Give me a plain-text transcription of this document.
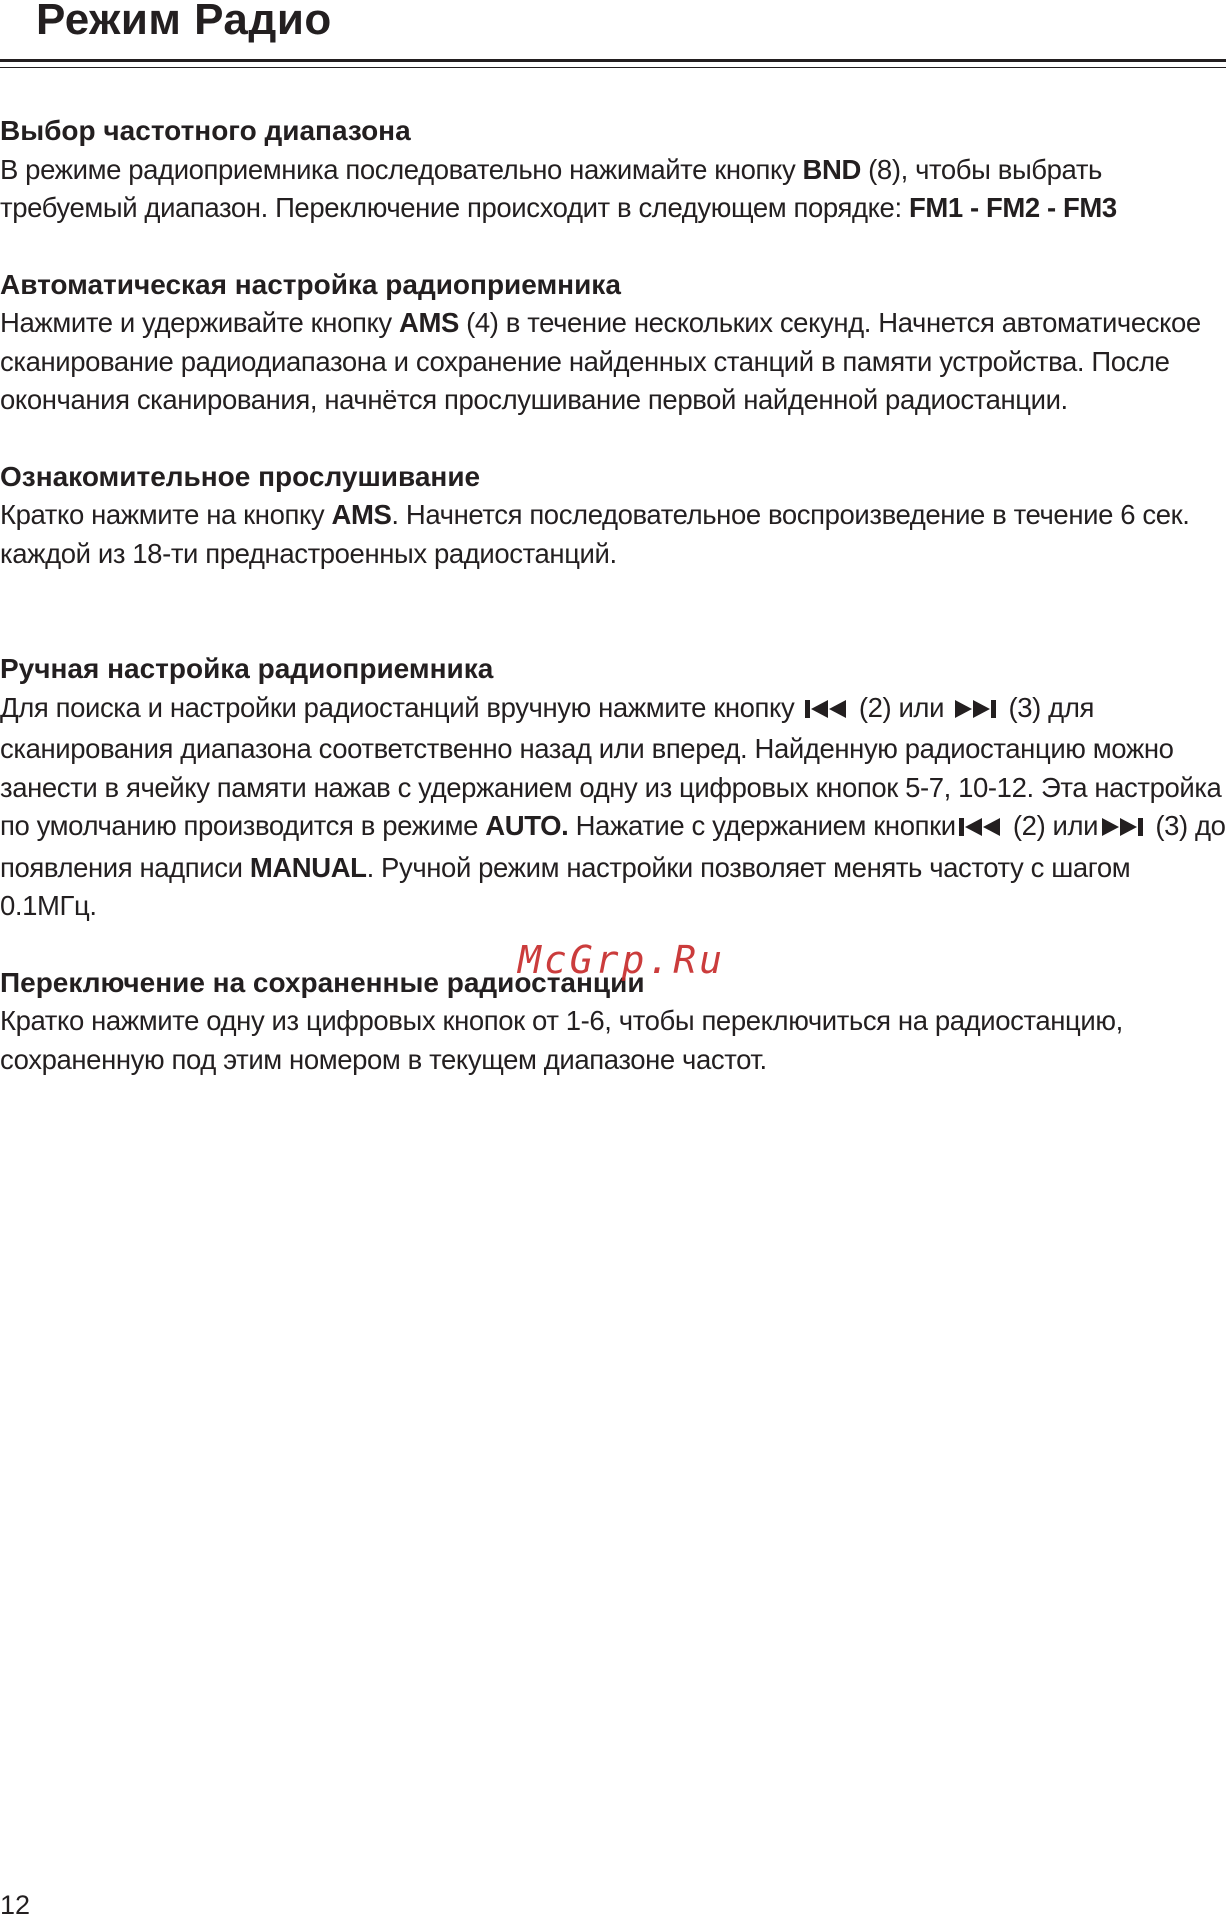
Режим Радио
Выбор частотного диапазона

В режиме радиоприемника последовательно нажимайте кнопку BND (8), чтобы выбрать требуемый диапазон. Переключение происходит в следующем порядке: FM1 - FM2 - FM3

Автоматическая настройка радиоприемника

Нажмите и удерживайте кнопку AMS (4) в течение нескольких секунд. Начнется автоматическое сканирование радиодиапазона и сохранение найденных станций в памяти устройства. После окончания сканирования, начнётся прослушивание первой найденной радиостанции.

Ознакомительное прослушивание

Кратко нажмите на кнопку AMS. Начнется последовательное воспроизведение в течение 6 сек. каждой из 18-ти преднастроенных радиостанций.

Ручная настройка радиоприемника

Для поиска и настройки радиостанций вручную нажмите кнопку  (2) или  (3) для сканирования диапазона соответственно назад или вперед. Найденную радиостанцию можно занести в ячейку памяти нажав с удержанием одну из цифровых кнопок 5-7, 10-12. Эта настройка по умолчанию производится в режиме AUTO. Нажатие с удержанием кнопки (2) или (3) до появления надписи MANUAL. Ручной режим настройки позволяет менять частоту с шагом 0.1МГц.

Переключение на сохраненные радиостанции

Кратко нажмите одну из цифровых кнопок от 1-6, чтобы переключиться на радиостанцию, сохраненную под этим номером в текущем диапазоне частот.

McGrp.Ru
12
